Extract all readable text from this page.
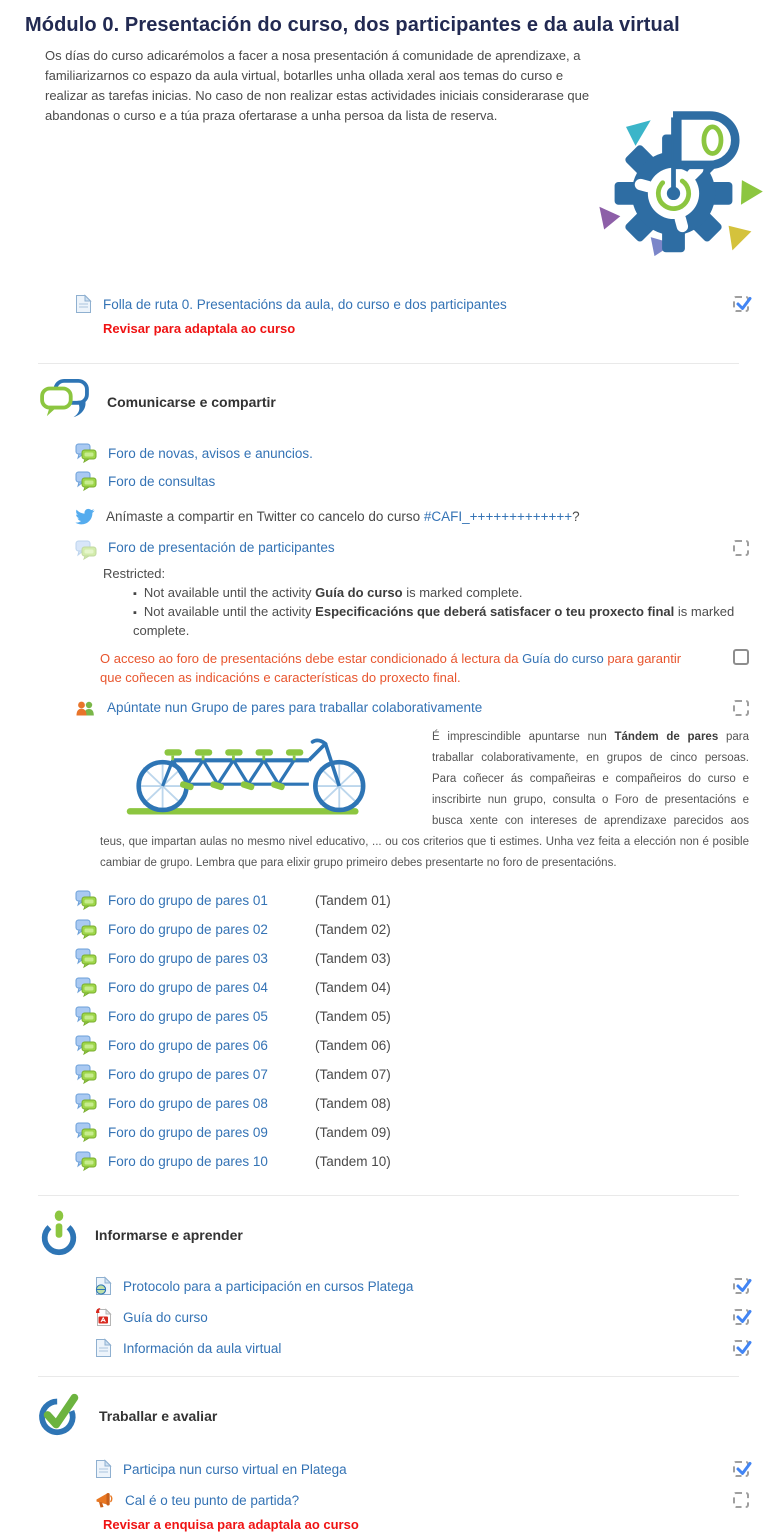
Módulo 0. Presentación do curso, dos participantes e da aula virtual

Os días do curso adicarémolos a facer a nosa presentación á comunidade de aprendizaxe, a familiarizarnos co espazo da aula virtual, botarlles unha ollada xeral aos temas do curso e realizar as tarefas inicias. No caso de non realizar estas actividades iniciais considerarase que abandonas o curso e a túa praza ofertarase a unha persoa da lista de reserva.

Folla de ruta 0. Presentacións da aula, do curso e dos participantes
Revisar para adaptala ao curso
Comunicarse e compartir
Foro de novas, avisos e anuncios.
Foro de consultas
Anímaste a compartir en Twitter co cancelo do curso #CAFI_+++++++++++++?
Foro de presentación de participantes
Restricted:
▪ Not available until the activity Guía do curso is marked complete.
▪ Not available until the activity Especificacións que deberá satisfacer o teu proxecto final is marked complete.
O acceso ao foro de presentacións debe estar condicionado á lectura da Guía do curso para garantir que coñecen as indicacións e características do proxecto final.
Apúntate nun Grupo de pares para traballar colaborativamente
É imprescindible apuntarse nun Tándem de pares para traballar colaborativamente, en grupos de cinco persoas. Para coñecer ás compañeiras e compañeiros do curso e inscribirte nun grupo, consulta o Foro de presentacións e busca xente con intereses de aprendizaxe parecidos aos teus, que impartan aulas no mesmo nivel educativo, ... ou cos criterios que ti estimes. Unha vez feita a elección non é posible cambiar de grupo. Lembra que para elixir grupo primeiro debes presentarte no foro de presentacións.
Foro do grupo de pares 01	(Tandem 01)
Foro do grupo de pares 02	(Tandem 02)
Foro do grupo de pares 03	(Tandem 03)
Foro do grupo de pares 04	(Tandem 04)
Foro do grupo de pares 05	(Tandem 05)
Foro do grupo de pares 06	(Tandem 06)
Foro do grupo de pares 07	(Tandem 07)
Foro do grupo de pares 08	(Tandem 08)
Foro do grupo de pares 09	(Tandem 09)
Foro do grupo de pares 10	(Tandem 10)
Informarse e aprender
Protocolo para a participación en cursos Platega
Guía do curso
Información da aula virtual
Traballar e avaliar
Participa nun curso virtual en Platega
Cal é o teu punto de partida?
Revisar a enquisa para adaptala ao curso
